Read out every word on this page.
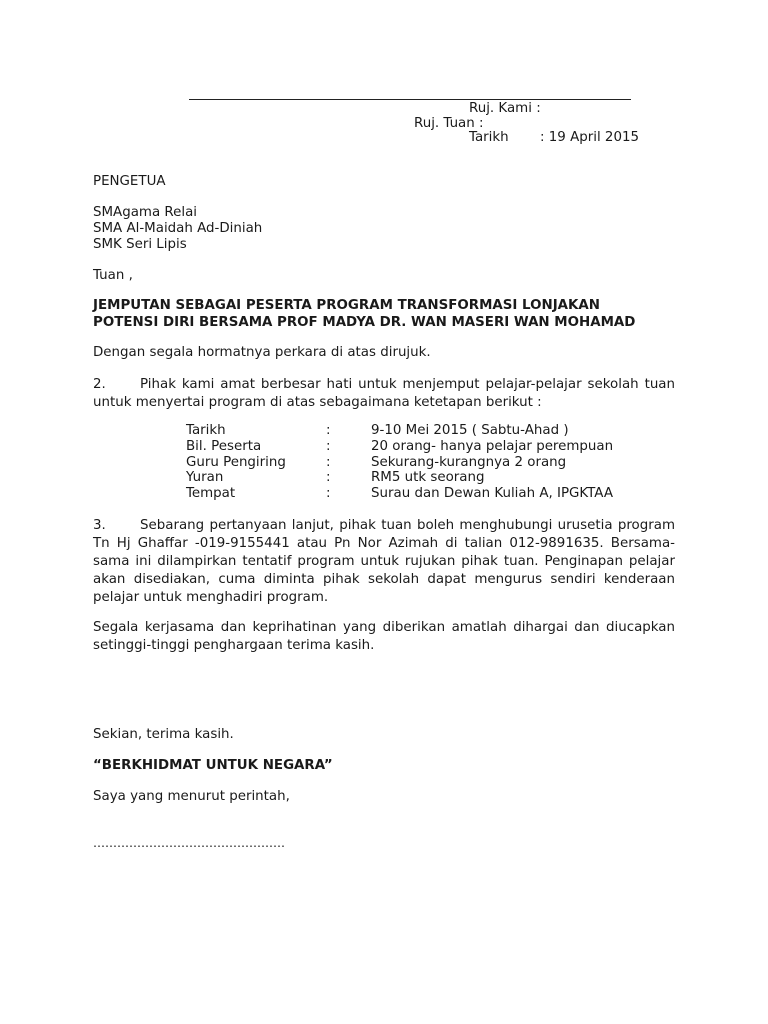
Ruj. Kami :
Ruj. Tuan :
Tarikh : 19 April 2015
PENGETUA
SMAgama Relai
SMA Al-Maidah Ad-Diniah
SMK Seri Lipis
Tuan ,
JEMPUTAN SEBAGAI PESERTA PROGRAM TRANSFORMASI LONJAKAN
POTENSI DIRI BERSAMA PROF MADYA DR. WAN MASERI WAN MOHAMAD
Dengan segala hormatnya perkara di atas dirujuk.

2.	Pihak kami amat berbesar hati untuk menjemput pelajar-pelajar sekolah tuan untuk menyertai program di atas sebagaimana ketetapan berikut :

Tarikh	:	9-10 Mei 2015 ( Sabtu-Ahad )
Bil. Peserta	:	20 orang- hanya pelajar perempuan
Guru Pengiring	:	Sekurang-kurangnya 2 orang
Yuran	:	RM5 utk seorang
Tempat	:	Surau dan Dewan Kuliah A, IPGKTAA

3.	Sebarang pertanyaan lanjut, pihak tuan boleh menghubungi urusetia program Tn Hj Ghaffar -019-9155441 atau Pn Nor Azimah di talian 012-9891635. Bersama-sama ini dilampirkan tentatif program untuk rujukan pihak tuan. Penginapan pelajar akan disediakan, cuma diminta pihak sekolah dapat mengurus sendiri kenderaan pelajar untuk menghadiri program.

Segala kerjasama dan keprihatinan yang diberikan amatlah dihargai dan diucapkan setinggi-tinggi penghargaan terima kasih.

Sekian, terima kasih.
“BERKHIDMAT UNTUK NEGARA”
Saya yang menurut perintah,
…………………………………………
